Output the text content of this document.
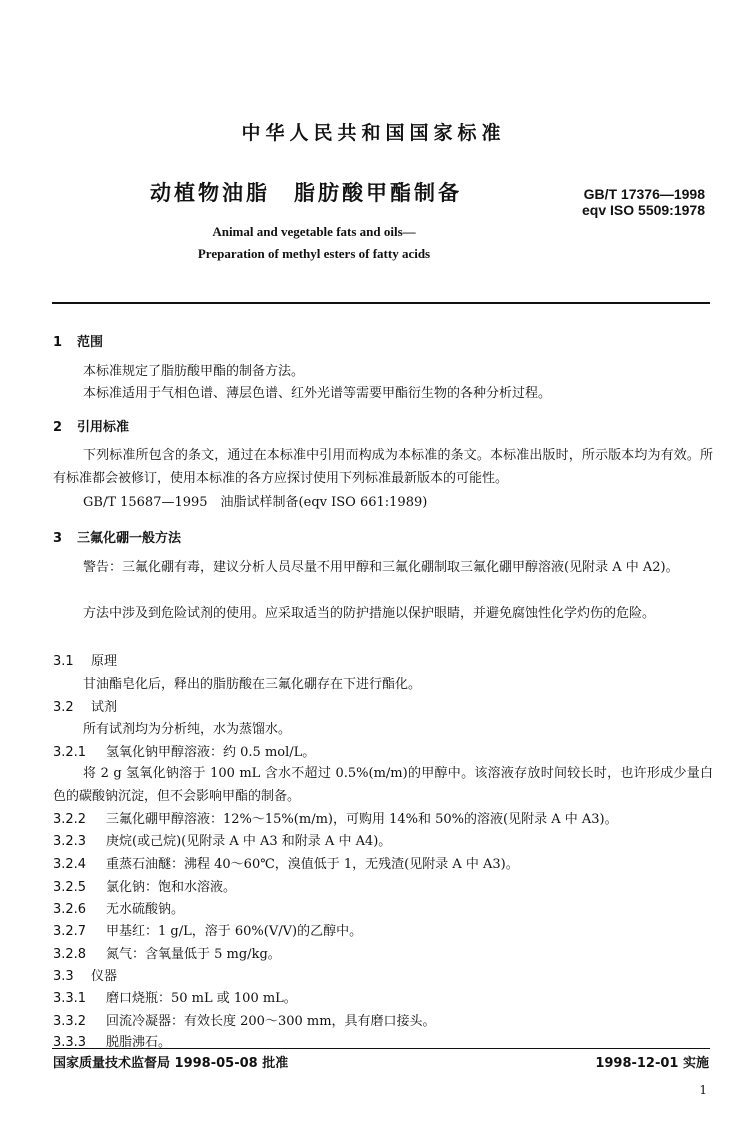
中华人民共和国国家标准
动植物油脂　脂肪酸甲酯制备	GB/T 17376—1998
eqv ISO 5509:1978
Animal and vegetable fats and oils—
Preparation of methyl esters of fatty acids
1 范围
本标准规定了脂肪酸甲酯的制备方法。
本标准适用于气相色谱、薄层色谱、红外光谱等需要甲酯衍生物的各种分析过程。
2 引用标准
下列标准所包含的条文，通过在本标准中引用而构成为本标准的条文。本标准出版时，所示版本均为有效。所有标准都会被修订，使用本标准的各方应探讨使用下列标准最新版本的可能性。
GB/T 15687—1995　油脂试样制备(eqv ISO 661:1989)
3 三氟化硼一般方法
警告：三氟化硼有毒，建议分析人员尽量不用甲醇和三氟化硼制取三氟化硼甲醇溶液(见附录 A 中 A2)。
方法中涉及到危险试剂的使用。应采取适当的防护措施以保护眼睛，并避免腐蚀性化学灼伤的危险。
3.1 原理
甘油酯皂化后，释出的脂肪酸在三氟化硼存在下进行酯化。
3.2 试剂
所有试剂均为分析纯，水为蒸馏水。
3.2.1 氢氧化钠甲醇溶液：约 0.5 mol/L。
将 2 g 氢氧化钠溶于 100 mL 含水不超过 0.5%(m/m)的甲醇中。该溶液存放时间较长时，也许形成少量白色的碳酸钠沉淀，但不会影响甲酯的制备。
3.2.2 三氟化硼甲醇溶液：12%～15%(m/m)，可购用 14%和 50%的溶液(见附录 A 中 A3)。
3.2.3 庚烷(或己烷)(见附录 A 中 A3 和附录 A 中 A4)。
3.2.4 重蒸石油醚：沸程 40～60℃，溴值低于 1，无残渣(见附录 A 中 A3)。
3.2.5 氯化钠：饱和水溶液。
3.2.6 无水硫酸钠。
3.2.7 甲基红：1 g/L，溶于 60%(V/V)的乙醇中。
3.2.8 氮气：含氧量低于 5 mg/kg。
3.3 仪器
3.3.1 磨口烧瓶：50 mL 或 100 mL。
3.3.2 回流冷凝器：有效长度 200～300 mm，具有磨口接头。
3.3.3 脱脂沸石。
国家质量技术监督局 1998-05-08 批准	1998-12-01 实施
1
